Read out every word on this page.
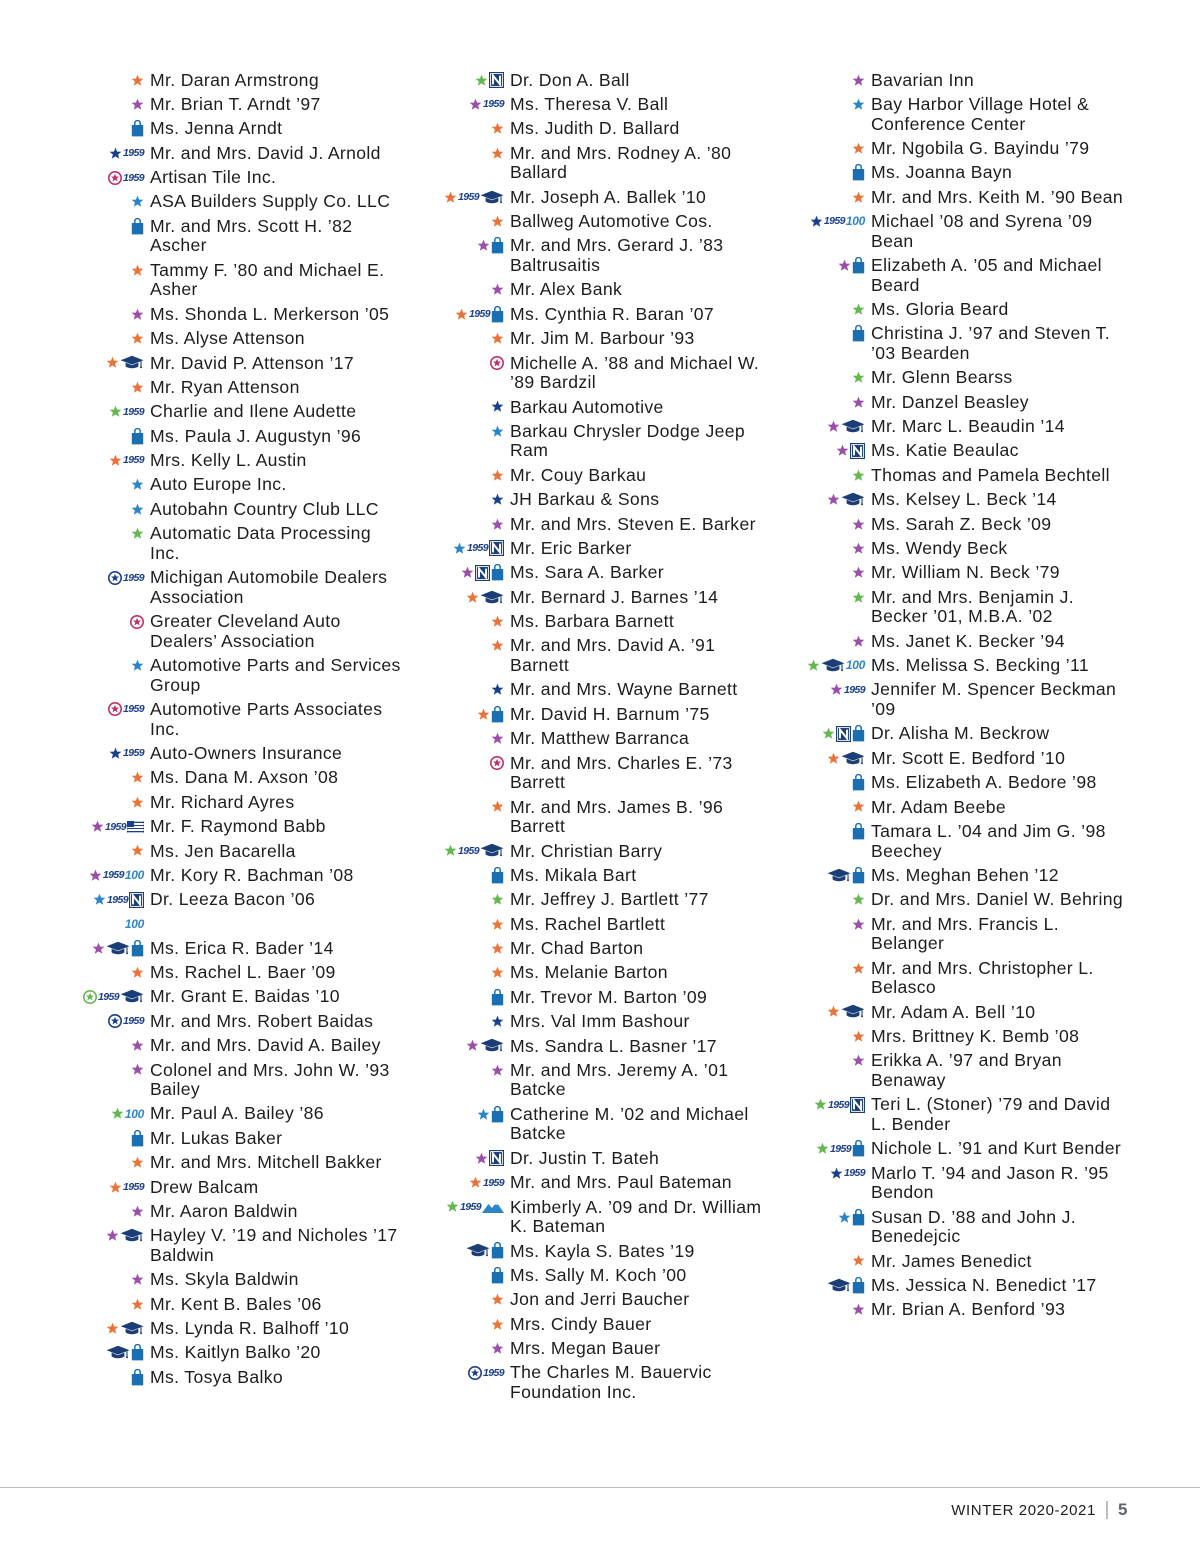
Mr. Daran Armstrong
Mr. Brian T. Arndt ’97
Ms. Jenna Arndt
1959 Mr. and Mrs. David J. Arnold
1959 Artisan Tile Inc.
ASA Builders Supply Co. LLC
Mr. and Mrs. Scott H. ’82 Ascher
Tammy F. ’80 and Michael E. Asher
Ms. Shonda L. Merkerson ’05
Ms. Alyse Attenson
Mr. David P. Attenson ’17
Mr. Ryan Attenson
1959 Charlie and Ilene Audette
Ms. Paula J. Augustyn ’96
1959 Mrs. Kelly L. Austin
Auto Europe Inc.
Autobahn Country Club LLC
Automatic Data Processing Inc.
1959 Michigan Automobile Dealers Association
Greater Cleveland Auto Dealers’ Association
Automotive Parts and Services Group
1959 Automotive Parts Associates Inc.
1959 Auto-Owners Insurance
Ms. Dana M. Axson ’08
Mr. Richard Ayres
1959 Mr. F. Raymond Babb
Ms. Jen Bacarella
1959 100 Mr. Kory R. Bachman ’08
1959 Dr. Leeza Bacon ’06
100
Ms. Erica R. Bader ’14
Ms. Rachel L. Baer ’09
1959 Mr. Grant E. Baidas ’10
1959 Mr. and Mrs. Robert Baidas
Mr. and Mrs. David A. Bailey
Colonel and Mrs. John W. ’93 Bailey
100 Mr. Paul A. Bailey ’86
Mr. Lukas Baker
Mr. and Mrs. Mitchell Bakker
1959 Drew Balcam
Mr. Aaron Baldwin
Hayley V. ’19 and Nicholes ’17 Baldwin
Ms. Skyla Baldwin
Mr. Kent B. Bales ’06
Ms. Lynda R. Balhoff ’10
Ms. Kaitlyn Balko ’20
Ms. Tosya Balko
Dr. Don A. Ball
1959 Ms. Theresa V. Ball
Ms. Judith D. Ballard
Mr. and Mrs. Rodney A. ’80 Ballard
1959 Mr. Joseph A. Ballek ’10
Ballweg Automotive Cos.
Mr. and Mrs. Gerard J. ’83 Baltrusaitis
Mr. Alex Bank
1959 Ms. Cynthia R. Baran ’07
Mr. Jim M. Barbour ’93
Michelle A. ’88 and Michael W. ’89 Bardzil
Barkau Automotive
Barkau Chrysler Dodge Jeep Ram
Mr. Couy Barkau
JH Barkau & Sons
Mr. and Mrs. Steven E. Barker
1959 Mr. Eric Barker
Ms. Sara A. Barker
Mr. Bernard J. Barnes ’14
Ms. Barbara Barnett
Mr. and Mrs. David A. ’91 Barnett
Mr. and Mrs. Wayne Barnett
Mr. David H. Barnum ’75
Mr. Matthew Barranca
Mr. and Mrs. Charles E. ’73 Barrett
Mr. and Mrs. James B. ’96 Barrett
1959 Mr. Christian Barry
Ms. Mikala Bart
Mr. Jeffrey J. Bartlett ’77
Ms. Rachel Bartlett
Mr. Chad Barton
Ms. Melanie Barton
Mr. Trevor M. Barton ’09
Mrs. Val Imm Bashour
Ms. Sandra L. Basner ’17
Mr. and Mrs. Jeremy A. ’01 Batcke
Catherine M. ’02 and Michael Batcke
Dr. Justin T. Bateh
1959 Mr. and Mrs. Paul Bateman
1959 Kimberly A. ’09 and Dr. William K. Bateman
Ms. Kayla S. Bates ’19
Ms. Sally M. Koch ’00
Jon and Jerri Baucher
Mrs. Cindy Bauer
Mrs. Megan Bauer
1959 The Charles M. Bauervic Foundation Inc.
Bavarian Inn
Bay Harbor Village Hotel & Conference Center
Mr. Ngobila G. Bayindu ’79
Ms. Joanna Bayn
Mr. and Mrs. Keith M. ’90 Bean
1959 100 Michael ’08 and Syrena ’09 Bean
Elizabeth A. ’05 and Michael Beard
Ms. Gloria Beard
Christina J. ’97 and Steven T. ’03 Bearden
Mr. Glenn Bearss
Mr. Danzel Beasley
Mr. Marc L. Beaudin ’14
Ms. Katie Beaulac
Thomas and Pamela Bechtell
Ms. Kelsey L. Beck ’14
Ms. Sarah Z. Beck ’09
Ms. Wendy Beck
Mr. William N. Beck ’79
Mr. and Mrs. Benjamin J. Becker ’01, M.B.A. ’02
Ms. Janet K. Becker ’94
100 Ms. Melissa S. Becking ’11
1959 Jennifer M. Spencer Beckman ’09
Dr. Alisha M. Beckrow
Mr. Scott E. Bedford ’10
Ms. Elizabeth A. Bedore ’98
Mr. Adam Beebe
Tamara L. ’04 and Jim G. ’98 Beechey
Ms. Meghan Behen ’12
Dr. and Mrs. Daniel W. Behring
Mr. and Mrs. Francis L. Belanger
Mr. and Mrs. Christopher L. Belasco
Mr. Adam A. Bell ’10
Mrs. Brittney K. Bemb ’08
Erikka A. ’97 and Bryan Benaway
1959 Teri L. (Stoner) ’79 and David L. Bender
1959 Nichole L. ’91 and Kurt Bender
1959 Marlo T. ’94 and Jason R. ’95 Bendon
Susan D. ’88 and John J. Benedejcic
Mr. James Benedict
Ms. Jessica N. Benedict ’17
Mr. Brian A. Benford ’93
WINTER 2020-2021 5
